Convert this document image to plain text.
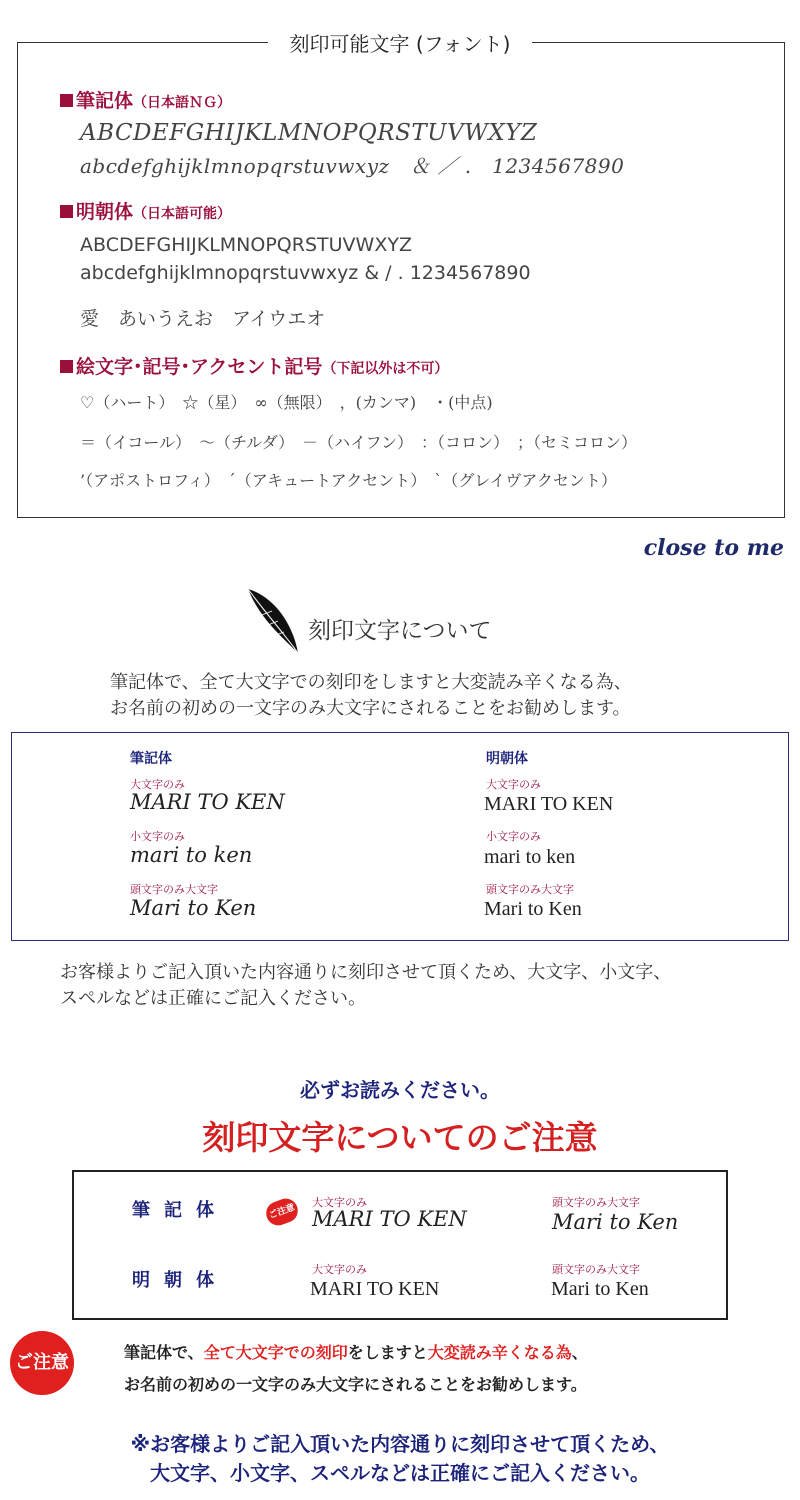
刻印可能文字 (フォント)
筆記体（日本語ＮＧ）
ABCDEFGHIJKLMNOPQRSTUVWXYZ
abcdefghijklmnopqrstuvwxyz　＆ ／ .　1234567890
明朝体（日本語可能）
ABCDEFGHIJKLMNOPQRSTUVWXYZ
abcdefghijklmnopqrstuvwxyz & / . 1234567890
愛　あいうえお　アイウエオ
絵文字･記号･アクセント記号（下記以外は不可）
♡（ハート）　☆（星）　∞（無限）　，(カンマ)　・(中点)
＝（イコール）　～（チルダ）　－（ハイフン）　：（コロン）　；（セミコロン）
’（アポストロフィ）　´（アキュートアクセント）　`（グレイヴアクセント）
close to me
刻印文字について
筆記体で、全て大文字での刻印をしますと大変読み辛くなる為、
お名前の初めの一文字のみ大文字にされることをお勧めします。
筆記体
大文字のみ
MARI TO KEN
小文字のみ
mari to ken
頭文字のみ大文字
Mari to Ken
明朝体
大文字のみ
MARI TO KEN
小文字のみ
mari to ken
頭文字のみ大文字
Mari to Ken
お客様よりご記入頂いた内容通りに刻印させて頂くため、大文字、小文字、
スペルなどは正確にご記入ください。
必ずお読みください。
刻印文字についてのご注意
筆記体	ご注意
大文字のみ
MARI TO KEN
頭文字のみ大文字
Mari to Ken
明朝体
大文字のみ
MARI TO KEN
頭文字のみ大文字
Mari to Ken
ご注意	筆記体で、全て大文字での刻印をしますと大変読み辛くなる為、
お名前の初めの一文字のみ大文字にされることをお勧めします。
※お客様よりご記入頂いた内容通りに刻印させて頂くため、
大文字、小文字、スペルなどは正確にご記入ください。
